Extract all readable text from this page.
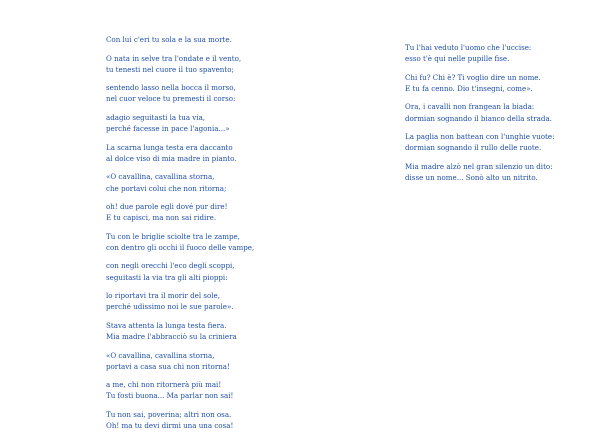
Con lui c'eri tu sola e la sua morte.
O nata in selve tra l'ondate e il vento,
tu tenesti nel cuore il tuo spavento;
sentendo lasso nella bocca il morso,
nel cuor veloce tu premesti il corso:
adagio seguitasti la tua via,
perché facesse in pace l'agonia...»
La scarna lunga testa era daccanto
al dolce viso di mia madre in pianto.
«O cavallina, cavallina storna,
che portavi colui che non ritorna;
oh! due parole egli dové pur dire!
E tu capisci, ma non sai ridire.
Tu con le briglie sciolte tra le zampe,
con dentro gli occhi il fuoco delle vampe,
con negli orecchi l'eco degli scoppi,
seguitasti la via tra gli alti pioppi:
lo riportavi tra il morir del sole,
perché udissimo noi le sue parole».
Stava attenta la lunga testa fiera.
Mia madre l'abbracciò su la criniera
«O cavallina, cavallina storna,
portavi a casa sua chi non ritorna!
a me, chi non ritornerà più mai!
Tu fosti buona... Ma parlar non sai!
Tu non sai, poverina; altri non osa.
Oh! ma tu devi dirmi una una cosa!
Tu l'hai veduto l'uomo che l'uccise:
esso t'è qui nelle pupille fise.
Chi fu? Chi è? Ti voglio dire un nome.
E tu fa cenno. Dio t'insegni, come».
Ora, i cavalli non frangean la biada:
dormian sognando il bianco della strada.
La paglia non battean con l'unghie vuote:
dormian sognando il rullo delle ruote.
Mia madre alzò nel gran silenzio un dito:
disse un nome... Sonò alto un nitrito.
